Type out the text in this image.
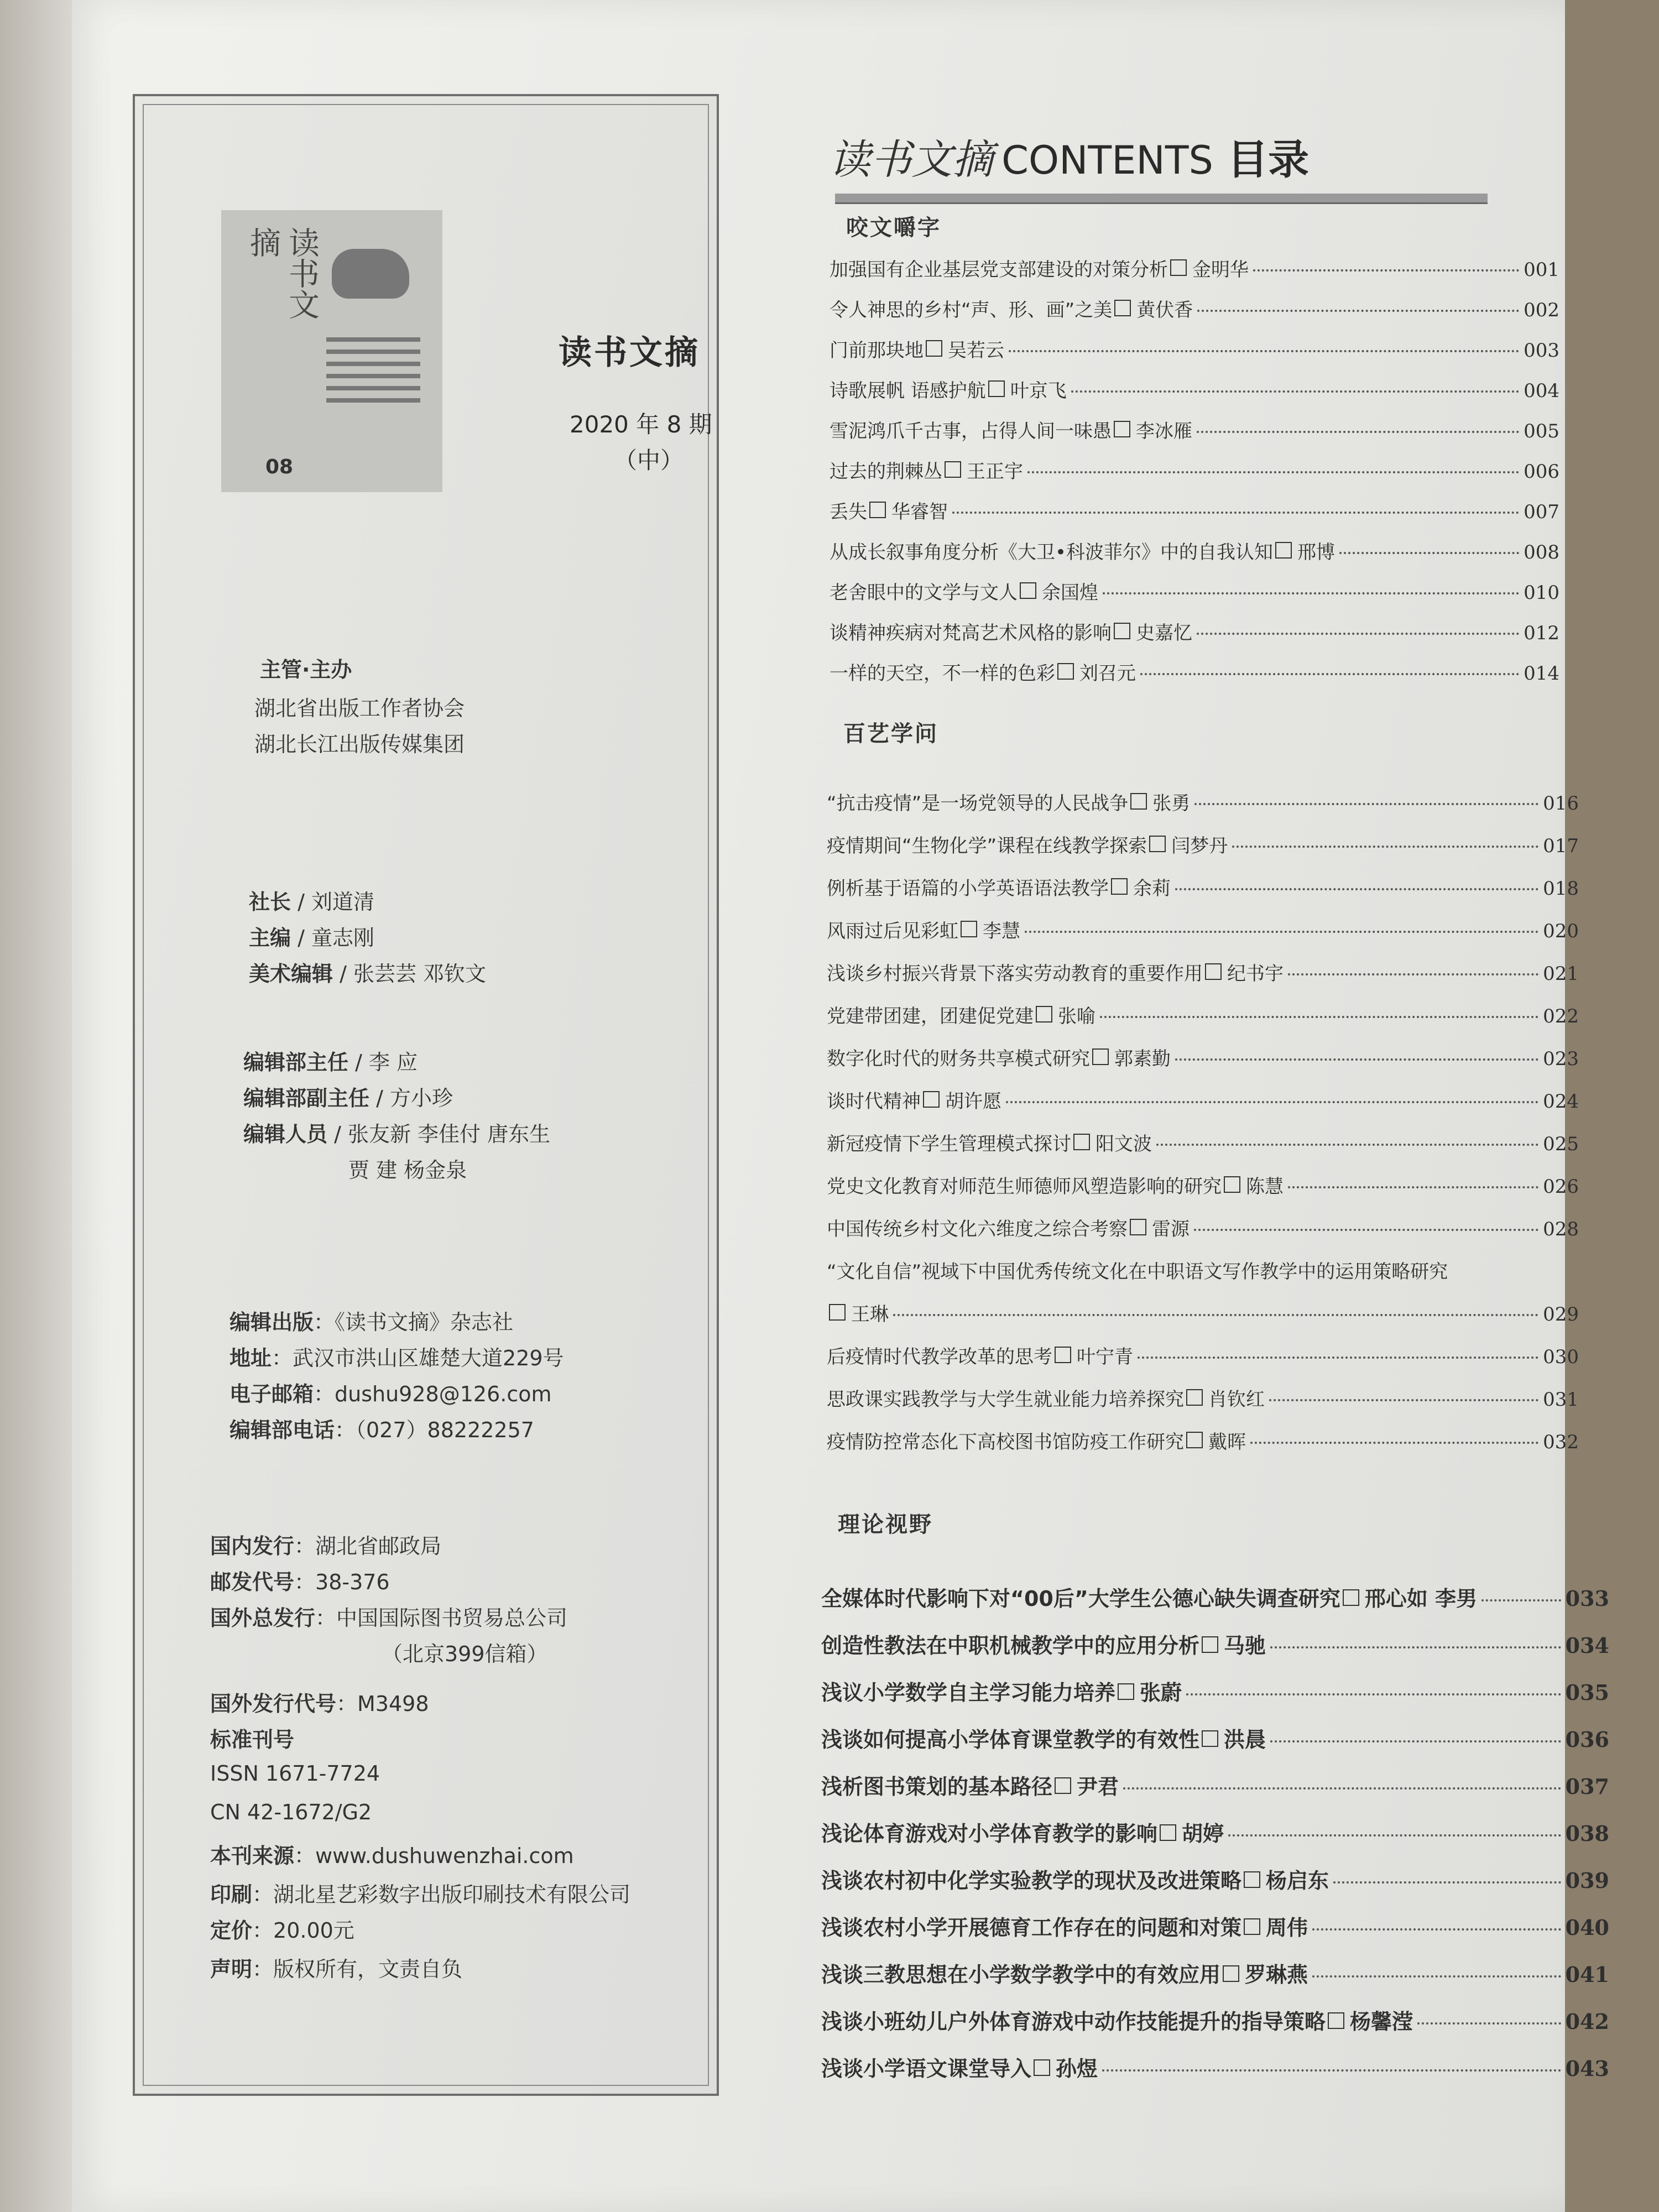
读书文摘
08
读书文摘
2020 年 8 期
（中）
主管·主办
湖北省出版工作者协会
湖北长江出版传媒集团
社长 / 刘道清
主编 / 童志刚
美术编辑 / 张芸芸 邓钦文
编辑部主任 / 李 应
编辑部副主任 / 方小珍
编辑人员 / 张友新 李佳付 唐东生
贾 建 杨金泉
编辑出版：《读书文摘》杂志社
地址：武汉市洪山区雄楚大道229号
电子邮箱：dushu928@126.com
编辑部电话：（027）88222257
国内发行：湖北省邮政局
邮发代号：38-376
国外总发行：中国国际图书贸易总公司
（北京399信箱）
国外发行代号：M3498
标准刊号
ISSN 1671-7724
CN 42-1672/G2
本刊来源：www.dushuwenzhai.com
印刷：湖北星艺彩数字出版印刷技术有限公司
定价：20.00元
声明：版权所有，文责自负
读书文摘 CONTENTS 目录
咬文嚼字
加强国有企业基层党支部建设的对策分析 金明华	001
令人神思的乡村“声、形、画”之美 黄伏香	002
门前那块地 吴若云	003
诗歌展帆 语感护航 叶京飞	004
雪泥鸿爪千古事，占得人间一味愚 李冰雁	005
过去的荆棘丛 王正宇	006
丢失 华睿智	007
从成长叙事角度分析《大卫•科波菲尔》中的自我认知 邢博	008
老舍眼中的文学与文人 余国煌	010
谈精神疾病对梵高艺术风格的影响 史嘉忆	012
一样的天空，不一样的色彩 刘召元	014
百艺学问
“抗击疫情”是一场党领导的人民战争 张勇	016
疫情期间“生物化学”课程在线教学探索 闫梦丹	017
例析基于语篇的小学英语语法教学 余莉	018
风雨过后见彩虹 李慧	020
浅谈乡村振兴背景下落实劳动教育的重要作用 纪书宇	021
党建带团建，团建促党建 张喻	022
数字化时代的财务共享模式研究 郭素勤	023
谈时代精神 胡许愿	024
新冠疫情下学生管理模式探讨 阳文波	025
党史文化教育对师范生师德师风塑造影响的研究 陈慧	026
中国传统乡村文化六维度之综合考察 雷源	028
“文化自信”视域下中国优秀传统文化在中职语文写作教学中的运用策略研究
王琳	029
后疫情时代教学改革的思考 叶宁青	030
思政课实践教学与大学生就业能力培养探究 肖钦红	031
疫情防控常态化下高校图书馆防疫工作研究 戴晖	032
理论视野
全媒体时代影响下对“00后”大学生公德心缺失调查研究 邢心如 李男	033
创造性教法在中职机械教学中的应用分析 马驰	034
浅议小学数学自主学习能力培养 张蔚	035
浅谈如何提高小学体育课堂教学的有效性 洪晨	036
浅析图书策划的基本路径 尹君	037
浅论体育游戏对小学体育教学的影响 胡婷	038
浅谈农村初中化学实验教学的现状及改进策略 杨启东	039
浅谈农村小学开展德育工作存在的问题和对策 周伟	040
浅谈三教思想在小学数学教学中的有效应用 罗琳燕	041
浅谈小班幼儿户外体育游戏中动作技能提升的指导策略 杨馨滢	042
浅谈小学语文课堂导入 孙煜	043
